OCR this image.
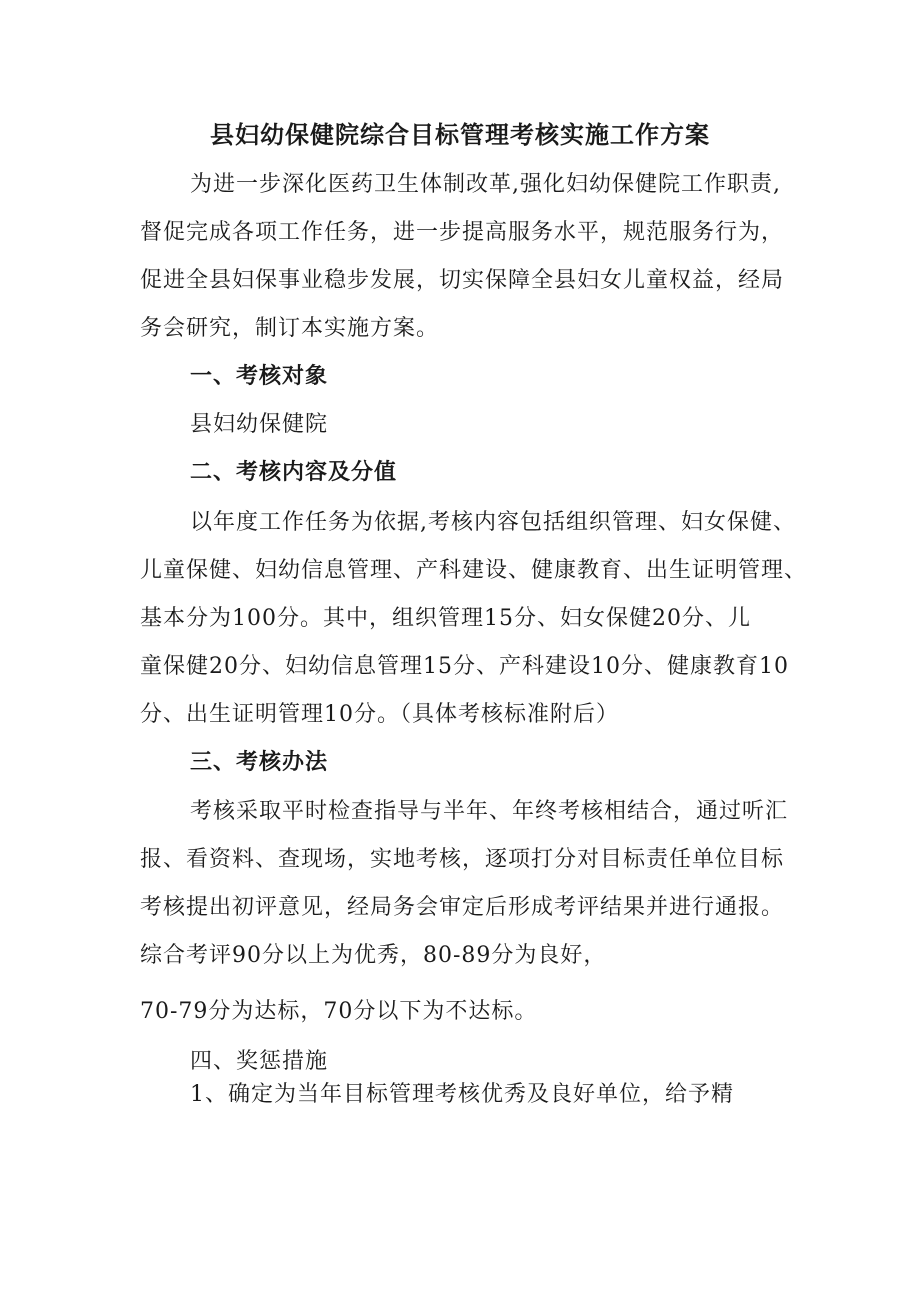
县妇幼保健院综合目标管理考核实施工作方案
为进一步深化医药卫生体制改革,强化妇幼保健院工作职责,
督促完成各项工作任务，进一步提高服务水平，规范服务行为，
促进全县妇保事业稳步发展，切实保障全县妇女儿童权益，经局
务会研究，制订本实施方案。
一、考核对象
县妇幼保健院
二、考核内容及分值
以年度工作任务为依据,考核内容包括组织管理、妇女保健、
儿童保健、妇幼信息管理、产科建设、健康教育、出生证明管理、
基本分为100分。其中，组织管理15分、妇女保健20分、儿
童保健20分、妇幼信息管理15分、产科建设10分、健康教育10
分、出生证明管理10分。（具体考核标准附后）
三、考核办法
考核采取平时检查指导与半年、年终考核相结合，通过听汇
报、看资料、查现场，实地考核，逐项打分对目标责任单位目标
考核提出初评意见，经局务会审定后形成考评结果并进行通报。
综合考评90分以上为优秀，80-89分为良好，
70-79分为达标，70分以下为不达标。
四、奖惩措施
1、确定为当年目标管理考核优秀及良好单位，给予精
